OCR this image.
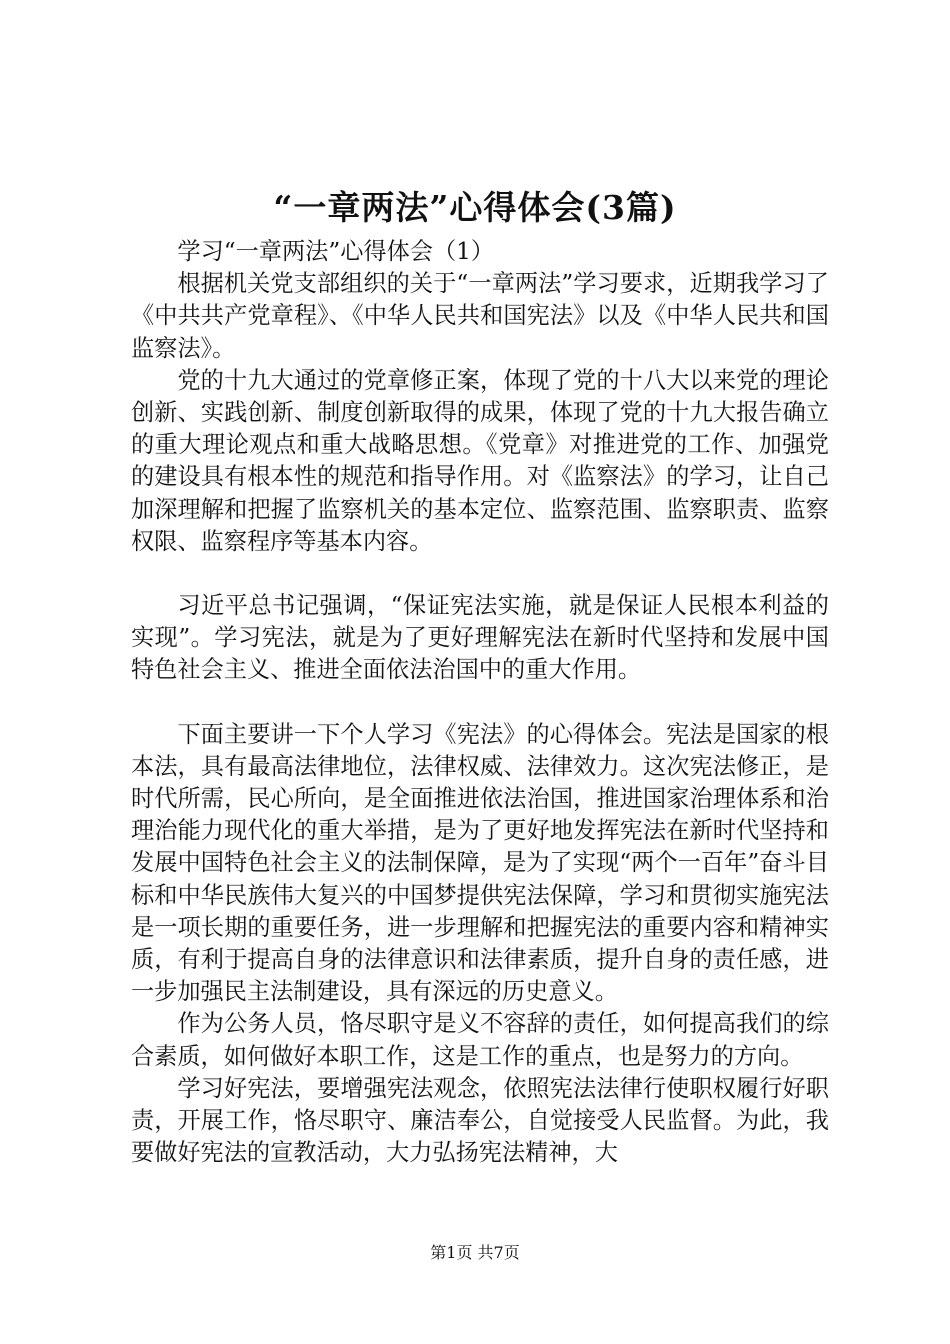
“一章两法”心得体会(3篇)

学习“一章两法”心得体会（1）

根据机关党支部组织的关于“一章两法”学习要求，近期我学习了《中共共产党章程》、《中华人民共和国宪法》以及《中华人民共和国监察法》。

党的十九大通过的党章修正案，体现了党的十八大以来党的理论创新、实践创新、制度创新取得的成果，体现了党的十九大报告确立的重大理论观点和重大战略思想。《党章》对推进党的工作、加强党的建设具有根本性的规范和指导作用。对《监察法》的学习，让自己加深理解和把握了监察机关的基本定位、监察范围、监察职责、监察权限、监察程序等基本内容。

习近平总书记强调，“保证宪法实施，就是保证人民根本利益的实现”。学习宪法，就是为了更好理解宪法在新时代坚持和发展中国特色社会主义、推进全面依法治国中的重大作用。

下面主要讲一下个人学习《宪法》的心得体会。宪法是国家的根本法，具有最高法律地位，法律权威、法律效力。这次宪法修正，是时代所需，民心所向，是全面推进依法治国，推进国家治理体系和治理治能力现代化的重大举措，是为了更好地发挥宪法在新时代坚持和发展中国特色社会主义的法制保障，是为了实现“两个一百年”奋斗目标和中华民族伟大复兴的中国梦提供宪法保障，学习和贯彻实施宪法是一项长期的重要任务，进一步理解和把握宪法的重要内容和精神实质，有利于提高自身的法律意识和法律素质，提升自身的责任感，进一步加强民主法制建设，具有深远的历史意义。

作为公务人员，恪尽职守是义不容辞的责任，如何提高我们的综合素质，如何做好本职工作，这是工作的重点，也是努力的方向。

学习好宪法，要增强宪法观念，依照宪法法律行使职权履行好职责，开展工作，恪尽职守、廉洁奉公，自觉接受人民监督。为此，我要做好宪法的宣教活动，大力弘扬宪法精神，大

第1页 共7页
